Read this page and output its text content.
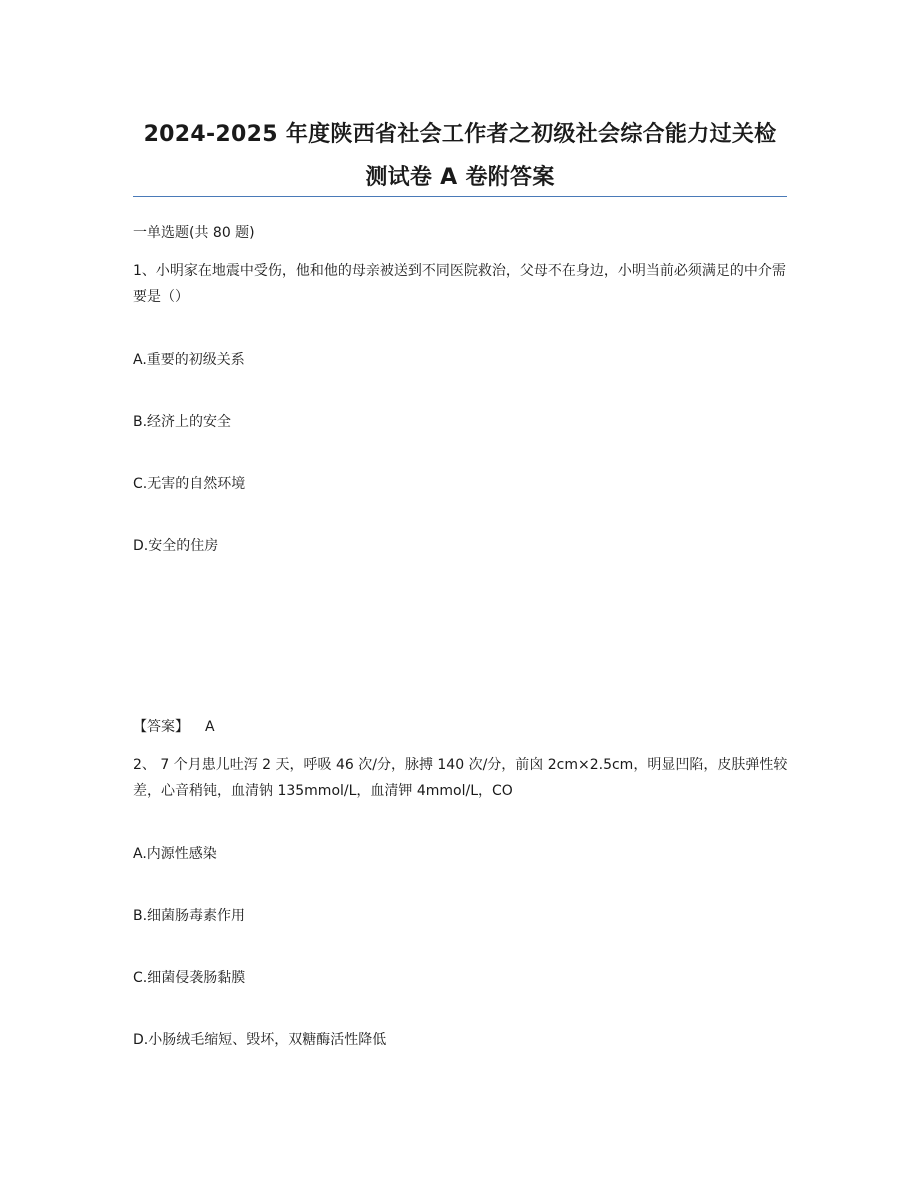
2024-2025 年度陕西省社会工作者之初级社会综合能力过关检测试卷 A 卷附答案
一单选题(共 80 题)

1、小明家在地震中受伤，他和他的母亲被送到不同医院救治，父母不在身边，小明当前必须满足的中介需要是（）

A.重要的初级关系
B.经济上的安全
C.无害的自然环境
D.安全的住房
【答案】 A

2、 7 个月患儿吐泻 2 天，呼吸 46 次/分，脉搏 140 次/分，前囟 2cm×2.5cm，明显凹陷，皮肤弹性较差，心音稍钝，血清钠 135mmol/L，血清钾 4mmol/L，CO

A.内源性感染
B.细菌肠毒素作用
C.细菌侵袭肠黏膜
D.小肠绒毛缩短、毁坏，双糖酶活性降低
